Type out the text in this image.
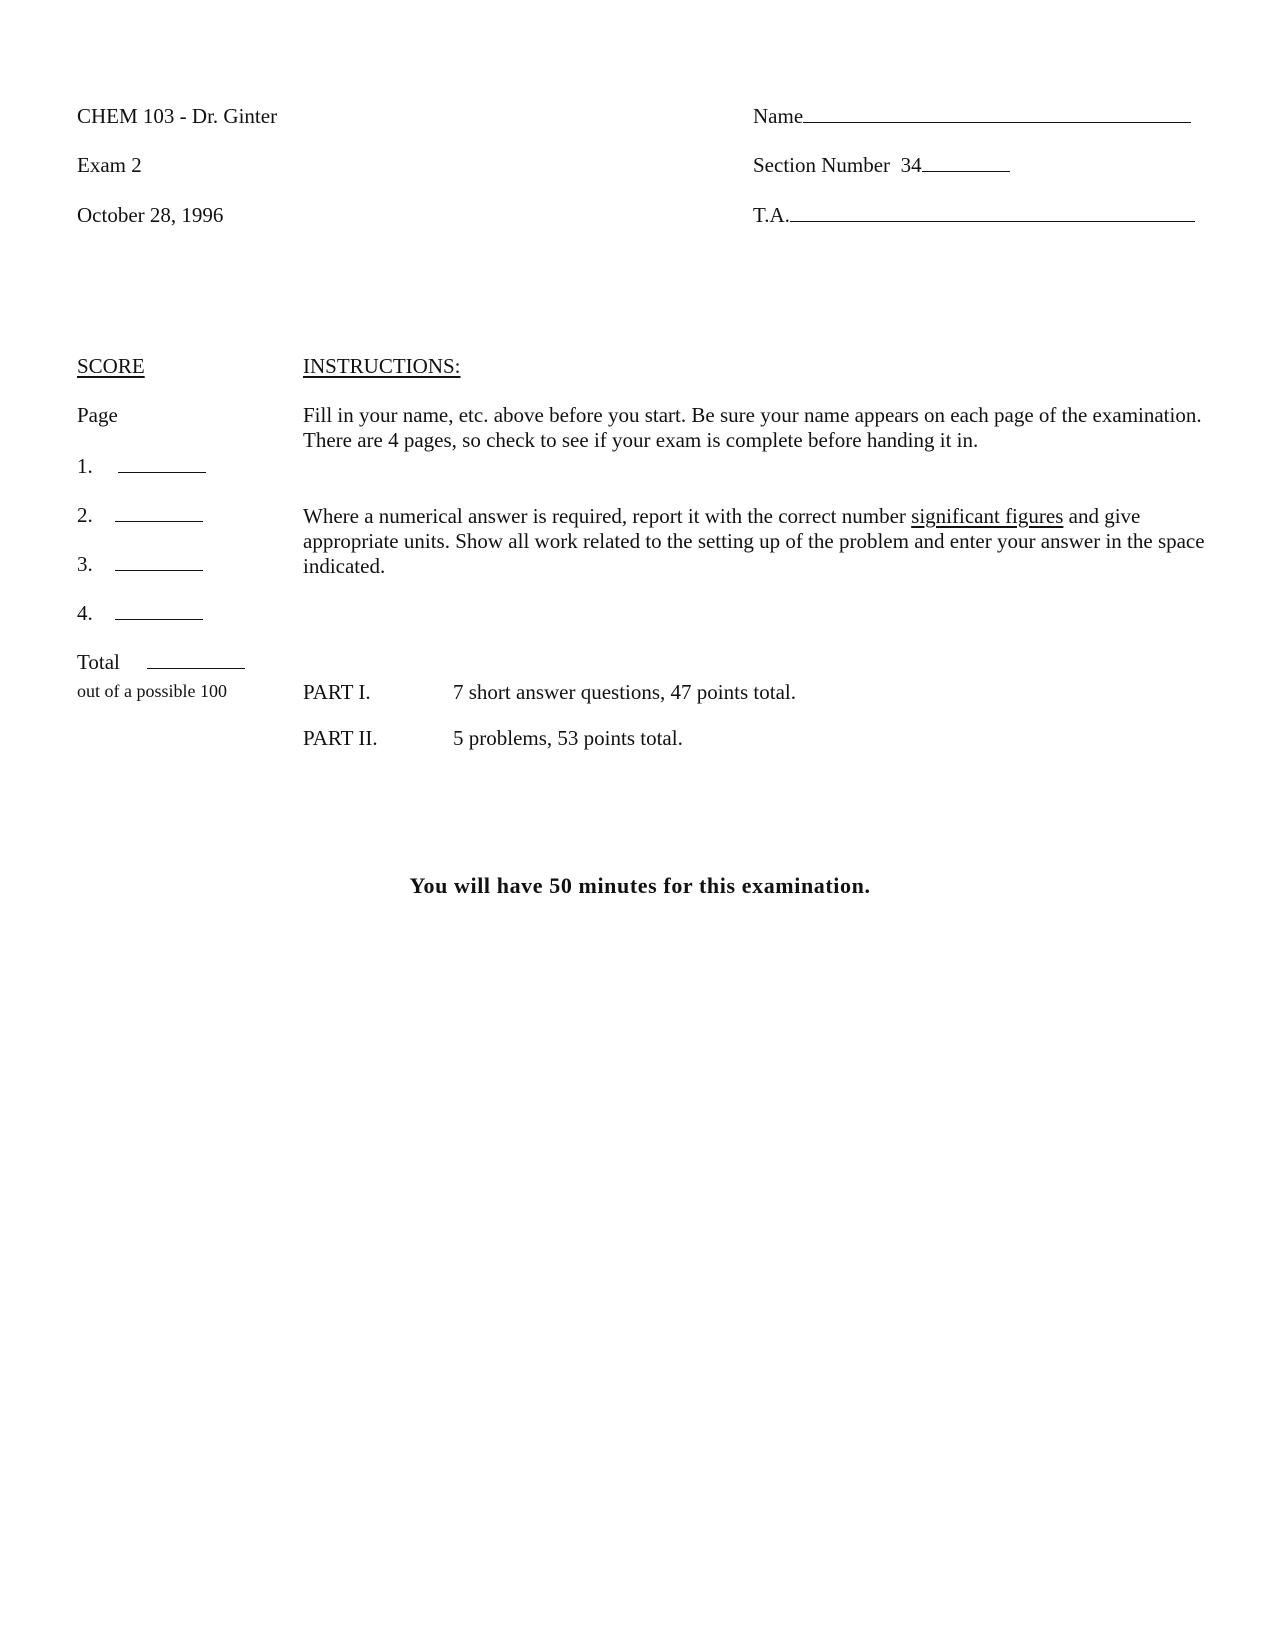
CHEM 103 - Dr. Ginter
Exam 2
October 28, 1996
Name
Section Number 34
T.A.
SCORE
Page
1.
2.
3.
4.
Total
out of a possible 100
INSTRUCTIONS:
Fill in your name, etc. above before you start. Be sure your name appears on each page of the examination. There are 4 pages, so check to see if your exam is complete before handing it in.
Where a numerical answer is required, report it with the correct number significant figures and give appropriate units. Show all work related to the setting up of the problem and enter your answer in the space indicated.
PART I.	7 short answer questions, 47 points total.
PART II.	5 problems, 53 points total.
You will have 50 minutes for this examination.
